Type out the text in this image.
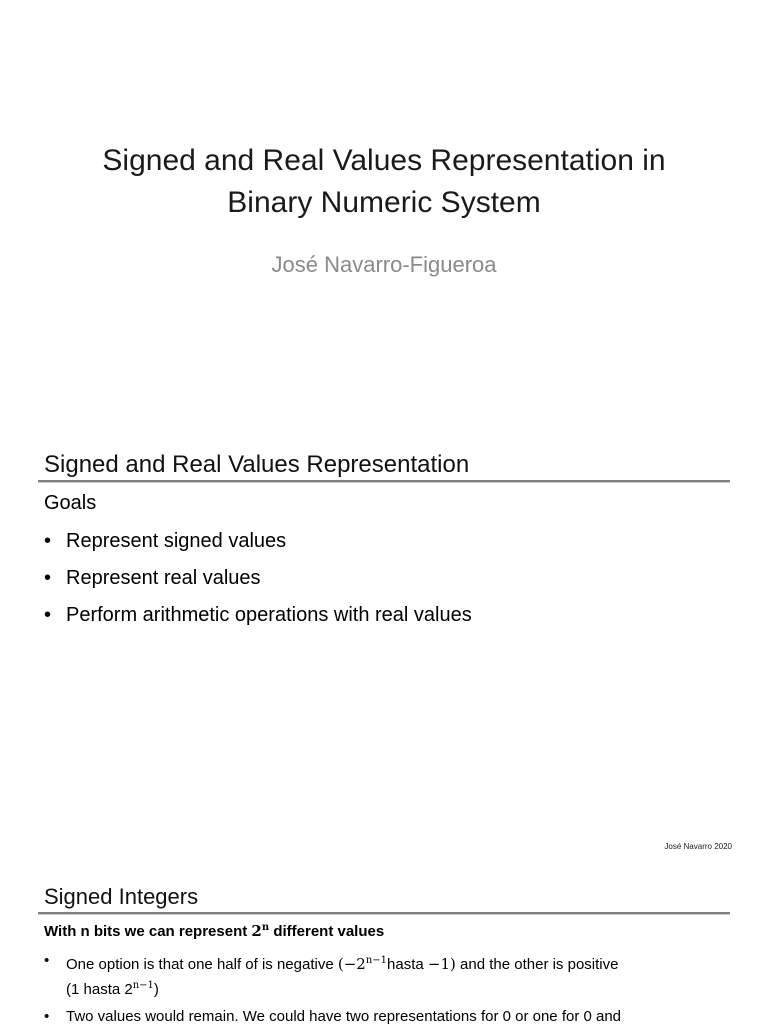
Signed and Real Values Representation in
Binary Numeric System
José Navarro-Figueroa
Signed and Real Values Representation
Goals
• Represent signed values
• Represent real values
• Perform arithmetic operations with real values
José Navarro 2020
Signed Integers
With n bits we can represent 2$^n$ different values
• One option is that one half of is negative $(-2^{n-1}hasta -1)$ and the other is positive
(1 hasta $2^{n-1}$)
• Two values would remain. We could have two representations for 0 or one for 0 and
